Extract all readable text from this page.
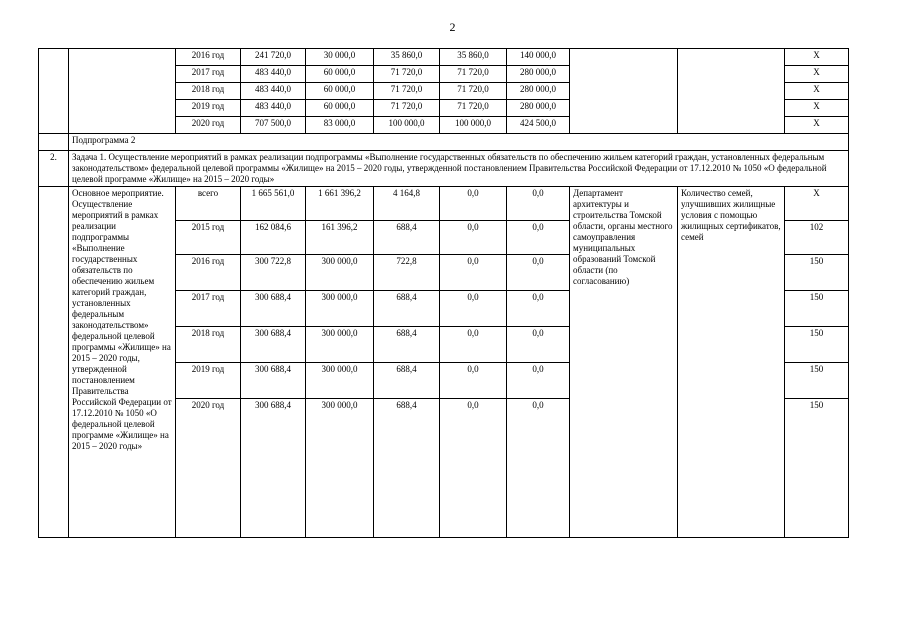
2
		2016 год	241 720,0	30 000,0	35 860,0	35 860,0	140 000,0			Х
		2017 год	483 440,0	60 000,0	71 720,0	71 720,0	280 000,0			Х
		2018 год	483 440,0	60 000,0	71 720,0	71 720,0	280 000,0			Х
		2019 год	483 440,0	60 000,0	71 720,0	71 720,0	280 000,0			Х
		2020 год	707 500,0	83 000,0	100 000,0	100 000,0	424 500,0			Х
	Подпрограмма 2									
2.	Задача 1. Осуществление мероприятий в рамках реализации подпрограммы «Выполнение государственных обязательств по обеспечению жильем категорий граждан, установленных федеральным законодательством» федеральной целевой программы «Жилище» на 2015 – 2020 годы, утвержденной постановлением Правительства Российской Федерации от 17.12.2010 № 1050 «О федеральной целевой программе «Жилище» на 2015 – 2020 годы»									
	Основное мероприятие. Осуществление мероприятий в рамках реализации подпрограммы «Выполнение государственных обязательств по обеспечению жильем категорий граждан, установленных федеральным законодательством» федеральной целевой программы «Жилище» на 2015 – 2020 годы, утвержденной постановлением Правительства Российской Федерации от 17.12.2010 № 1050 «О федеральной целевой программе «Жилище» на 2015 – 2020 годы»	всего	1 665 561,0	1 661 396,2	4 164,8	0,0	0,0	Департамент архитектуры и строительства Томской области, органы местного самоуправления муниципальных образований Томской области (по согласованию)	Количество семей, улучшивших жилищные условия с помощью жилищных сертификатов, семей	Х
		2015 год	162 084,6	161 396,2	688,4	0,0	0,0			102
		2016 год	300 722,8	300 000,0	722,8	0,0	0,0			150
		2017 год	300 688,4	300 000,0	688,4	0,0	0,0			150
		2018 год	300 688,4	300 000,0	688,4	0,0	0,0			150
		2019 год	300 688,4	300 000,0	688,4	0,0	0,0			150
		2020 год	300 688,4	300 000,0	688,4	0,0	0,0			150
